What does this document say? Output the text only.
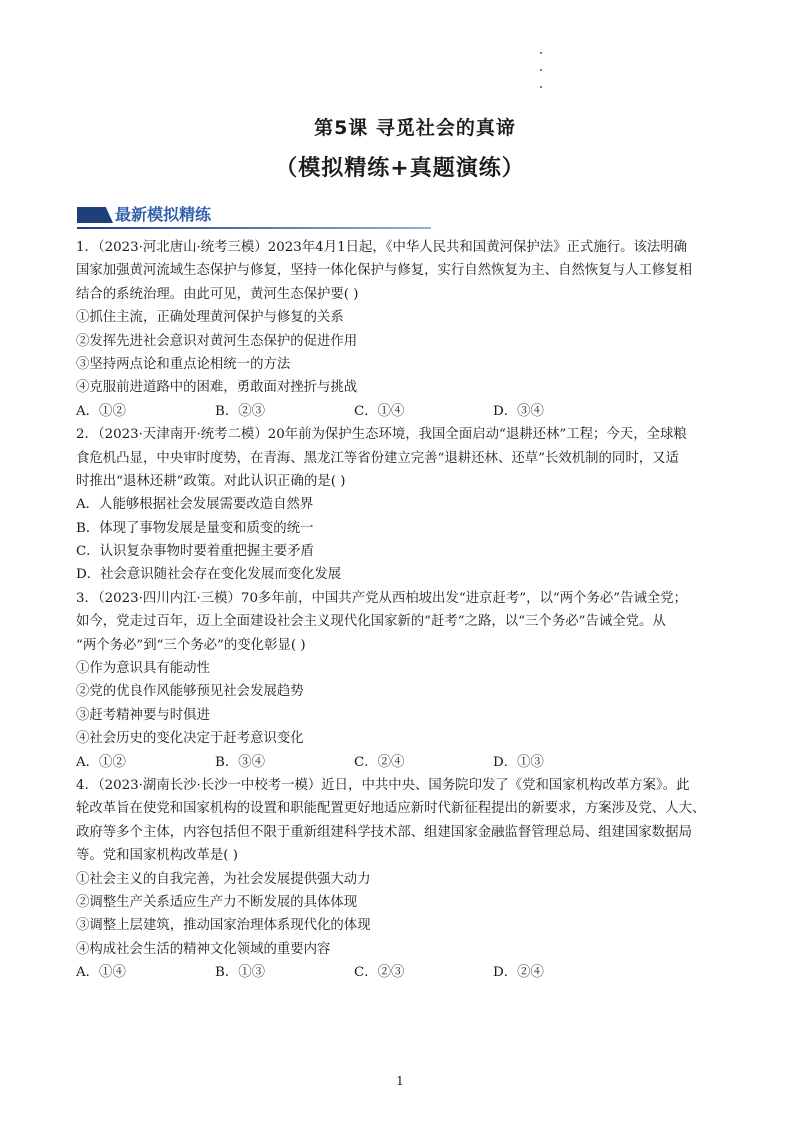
第5课 寻觅社会的真谛
（模拟精练+真题演练）
最新模拟精练
1．（2023·河北唐山·统考三模）2023年4月1日起，《中华人民共和国黄河保护法》正式施行。该法明确
国家加强黄河流域生态保护与修复，坚持一体化保护与修复，实行自然恢复为主、自然恢复与人工修复相
结合的系统治理。由此可见，黄河生态保护要( )
①抓住主流，正确处理黄河保护与修复的关系
②发挥先进社会意识对黄河生态保护的促进作用
③坚持两点论和重点论相统一的方法
④克服前进道路中的困难，勇敢面对挫折与挑战
A．①②	B．②③	C．①④	D．③④
2．（2023·天津南开·统考二模）20年前为保护生态环境，我国全面启动“退耕还林”工程；今天，全球粮
食危机凸显，中央审时度势，在青海、黑龙江等省份建立完善“退耕还林、还草”长效机制的同时，又适
时推出“退林还耕”政策。对此认识正确的是( )
A．人能够根据社会发展需要改造自然界
B．体现了事物发展是量变和质变的统一
C．认识复杂事物时要着重把握主要矛盾
D．社会意识随社会存在变化发展而变化发展
3．（2023·四川内江·三模）70多年前，中国共产党从西柏坡出发“进京赶考”，以“两个务必”告诫全党；
如今，党走过百年，迈上全面建设社会主义现代化国家新的“赶考”之路，以“三个务必”告诫全党。从
“两个务必”到“三个务必”的变化彰显( )
①作为意识具有能动性
②党的优良作风能够预见社会发展趋势
③赶考精神要与时俱进
④社会历史的变化决定于赶考意识变化
A．①②	B．③④	C．②④	D．①③
4．（2023·湖南长沙·长沙一中校考一模）近日，中共中央、国务院印发了《党和国家机构改革方案》。此
轮改革旨在使党和国家机构的设置和职能配置更好地适应新时代新征程提出的新要求，方案涉及党、人大、
政府等多个主体，内容包括但不限于重新组建科学技术部、组建国家金融监督管理总局、组建国家数据局
等。党和国家机构改革是( )
①社会主义的自我完善，为社会发展提供强大动力
②调整生产关系适应生产力不断发展的具体体现
③调整上层建筑，推动国家治理体系现代化的体现
④构成社会生活的精神文化领域的重要内容
A．①④	B．①③	C．②③	D．②④
1
